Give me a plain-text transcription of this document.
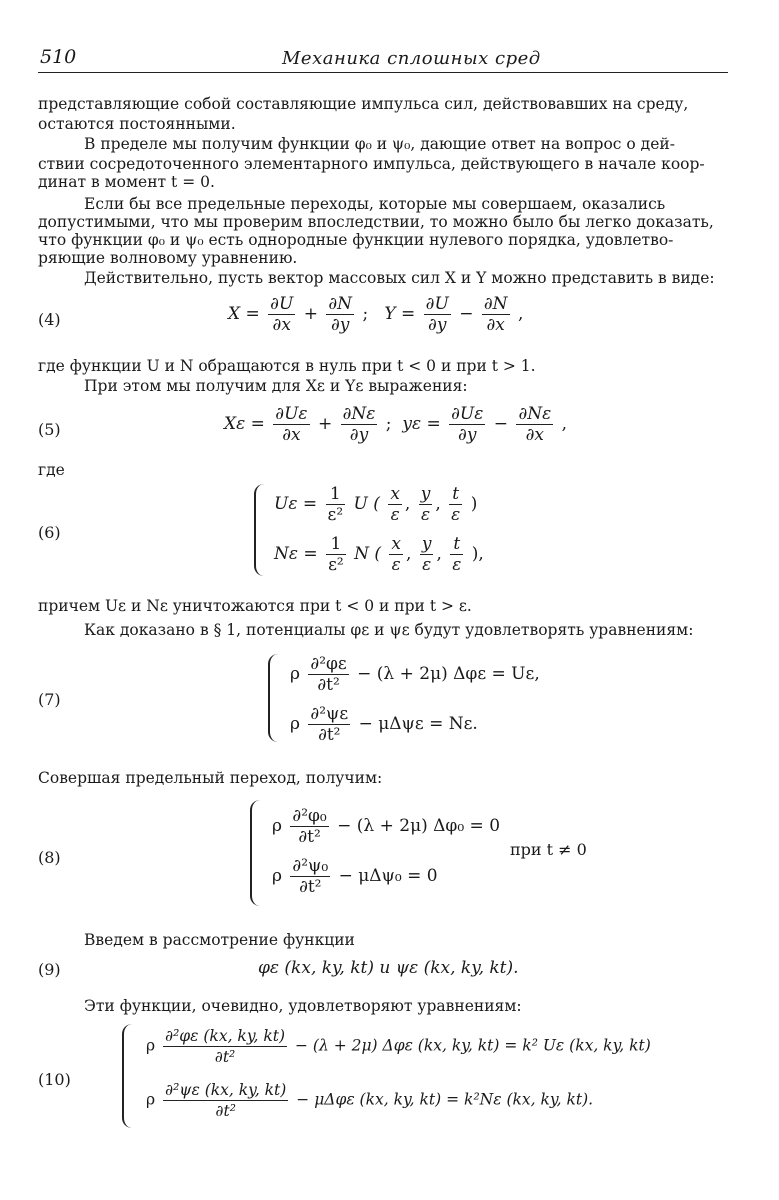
510	Механика сплошных сред
представляющие собой составляющие импульса сил, действовавших на среду,
остаются постоянными.
В пределе мы получим функции φ₀ и ψ₀, дающие ответ на вопрос о дей-
ствии сосредоточенного элементарного импульса, действующего в начале коор-
динат в момент t = 0.
Если бы все предельные переходы, которые мы совершаем, оказались
допустимыми, что мы проверим впоследствии, то можно было бы легко доказать,
что функции φ₀ и ψ₀ есть однородные функции нулевого порядка, удовлетво-
ряющие волновому уравнению.
Действительно, пусть вектор массовых сил X и Y можно представить в виде:
(4)	$X = \frac{\partial U}{\partial x} + \frac{\partial N}{\partial y}$ ; $Y = \frac{\partial U}{\partial y} - \frac{\partial N}{\partial x}$ ,
где функции U и N обращаются в нуль при t < 0 и при t > 1.
При этом мы получим для Xε и Yε выражения:
(5)	$X\varepsilon = \frac{\partial U\varepsilon}{\partial x} + \frac{\partial N\varepsilon}{\partial y}$ ; $y\varepsilon = \frac{\partial U\varepsilon}{\partial y} - \frac{\partial N\varepsilon}{\partial x}$ ,
где
(6)
$U\varepsilon = \frac{1}{\text{ε²}}$ U ( $\frac{x}{\varepsilon}$ , $\frac{y}{\varepsilon}$ , $\frac{t}{\varepsilon}$ )
$N\varepsilon = \frac{1}{\text{ε²}}$ N ( $\frac{x}{\varepsilon}$ , $\frac{y}{\varepsilon}$ , $\frac{t}{\varepsilon}$ ),
причем Uε и Nε уничтожаются при t < 0 и при t > ε.
Как доказано в § 1, потенциалы φε и ψε будут удовлетворять уравнениям:
(7)
ρ $\frac{\text{∂²φε}}{\text{∂t²}} - (\lambda + 2\mu) \Delta\varphi\varepsilon = U\varepsilon$,
ρ $\frac{\text{∂²ψε}}{\text{∂t²}} - \mu\Delta\psi\varepsilon = N\varepsilon$.
Совершая предельный переход, получим:
(8)
ρ $\frac{\text{∂²φ₀}}{\text{∂t²}} - (\lambda + 2\mu) \Delta\varphi_0 = 0$
ρ $\frac{\text{∂²ψ₀}}{\text{∂t²}} - \mu\Delta\psi_0 = 0$
при t ≠ 0
Введем в рассмотрение функции
(9)	φε (kx, ky, kt) и ψε (kx, ky, kt).
Эти функции, очевидно, удовлетворяют уравнениям:
(10)
ρ $\frac{\text{∂²φε (kx, ky, kt)}}{\text{∂t²}} - (\lambda + 2\mu)$ Δφε (kx, ky, kt) = k² Uε (kx, ky, kt)
ρ $\frac{\text{∂²ψε (kx, ky, kt)}}{\text{∂t²}} - \mu\Delta\varphi\varepsilon$ (kx, ky, kt) = k²Nε (kx, ky, kt).
